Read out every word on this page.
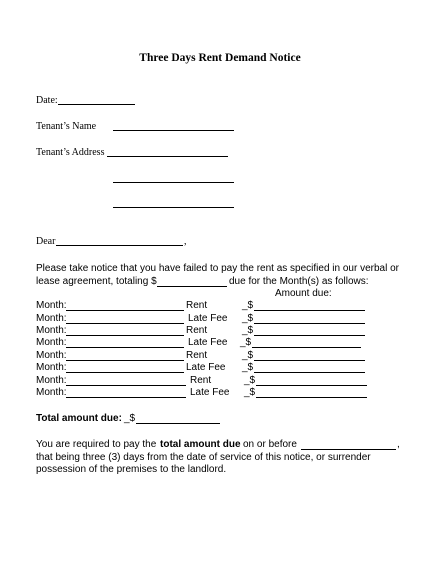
Three Days Rent Demand Notice
Date:
Tenant’s Name
Tenant’s Address
Dear	,
Please take notice that you have failed to pay the rent as specified in our verbal or
lease agreement, totaling $	due for the Month(s) as follows:
Amount due:
Month:	Rent	_$
Month:	Late Fee _$
Month:	Rent	_$
Month:	Late Fee _$
Month:	Rent	_$
Month:	Late Fee _$
Month:	Rent	_$
Month:	Late Fee _$
Total amount due: _$
You are required to pay the total amount due on or before	,
that being three (3) days from the date of service of this notice, or surrender
possession of the premises to the landlord.
